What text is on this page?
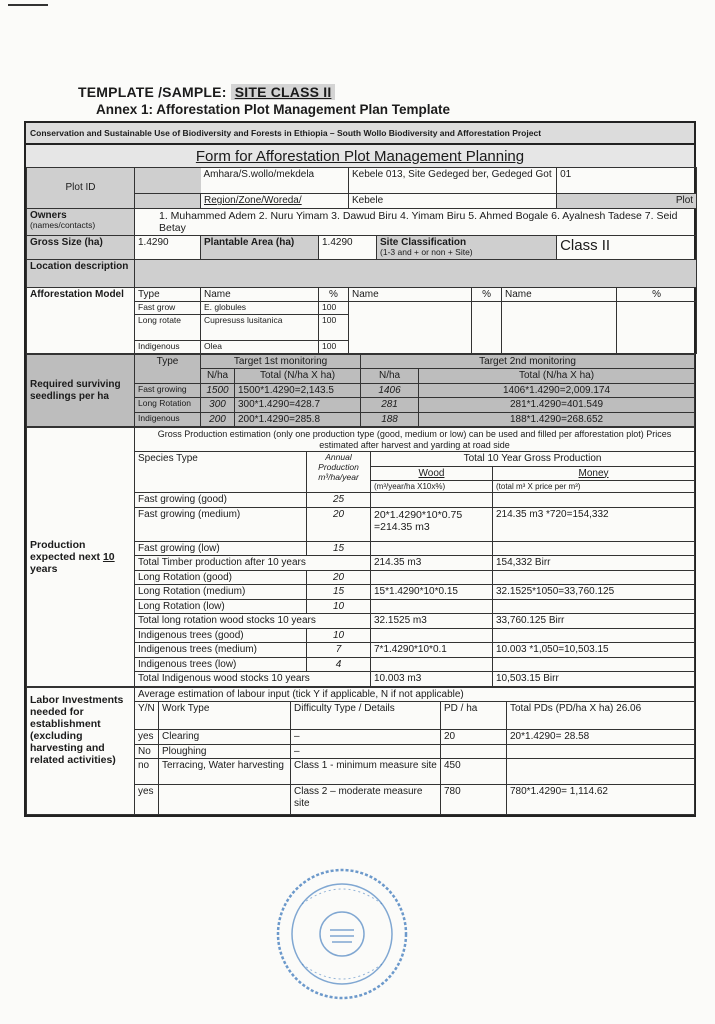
TEMPLATE /SAMPLE: SITE CLASS II
Annex 1: Afforestation Plot Management Plan Template
Conservation and Sustainable Use of Biodiversity and Forests in Ethiopia – South Wollo Biodiversity and Afforestation Project
Form for Afforestation Plot Management Planning
Plot ID		Amhara/S.wollo/mekdela		Kebele 013, Site Gedeged ber, Gedeged Got				01	
		Region/Zone/Woreda/		Kebele				Plot	

Owners
(names/contacts)	1. Muhammed Adem 2. Nuru Yimam 3. Dawud Biru 4. Yimam Biru 5. Ahmed Bogale 6. Ayalnesh Tadese 7. Seid Betay								
Gross Size (ha)	1.4290	Plantable Area (ha)	1.4290		Site Classification
(1-3 and + or non + Site)			Class II	
Location description									
Afforestation Model	Type	Name	%	Name		%	Name		%
	Fast grow	E. globules	100						
	Long rotate	Cupresuss lusitanica	100						
	Indigenous	Olea	100						
Required surviving seedlings per ha	Type	Target 1st monitoring		Target 2nd monitoring	
		N/ha	Total (N/ha X ha)	N/ha	Total (N/ha X ha)
	Fast growing	1500	1500*1.4290=2,143.5	1406	1406*1.4290=2,009.174
	Long Rotation	300	300*1.4290=428.7	281	281*1.4290=401.549
	Indigenous	200	200*1.4290=285.8	188	188*1.4290=268.652
Production expected next 10 years	Gross Production estimation (only one production type (good, medium or low) can be used and filled per afforestation plot) Prices estimated after harvest and yarding at road side			
	Species Type	Annual Production m³/ha/year	Total 10 Year Gross Production	
			Wood	Money
			(m³/year/ha X10x%)	(total m³ X price per m³)
	Fast growing (good)	25		
	Fast growing (medium)	20	20*1.4290*10*0.75 =214.35 m3	214.35 m3 *720=154,332
	Fast growing (low)	15		
	Total Timber production after 10 years		214.35 m3	154,332 Birr
	Long Rotation (good)	20		
	Long Rotation (medium)	15	15*1.4290*10*0.15	32.1525*1050=33,760.125
	Long Rotation (low)	10		
	Total long rotation wood stocks 10 years		32.1525 m3	33,760.125 Birr
	Indigenous trees (good)	10		
	Indigenous trees (medium)	7	7*1.4290*10*0.1	10.003 *1,050=10,503.15
	Indigenous trees (low)	4		
	Total Indigenous wood stocks 10 years		10.003 m3	10,503.15 Birr
Labor Investments needed for establishment (excluding harvesting and related activities)	Average estimation of labour input (tick Y if applicable, N if not applicable)				
	Y/N	Work Type	Difficulty Type / Details	PD / ha	Total PDs (PD/ha X ha) 26.06
	yes	Clearing	–	20	20*1.4290= 28.58
	No	Ploughing	–		
	no	Terracing, Water harvesting	Class 1 - minimum measure site	450	
	yes		Class 2 – moderate measure site	780	780*1.4290= 1,114.62
